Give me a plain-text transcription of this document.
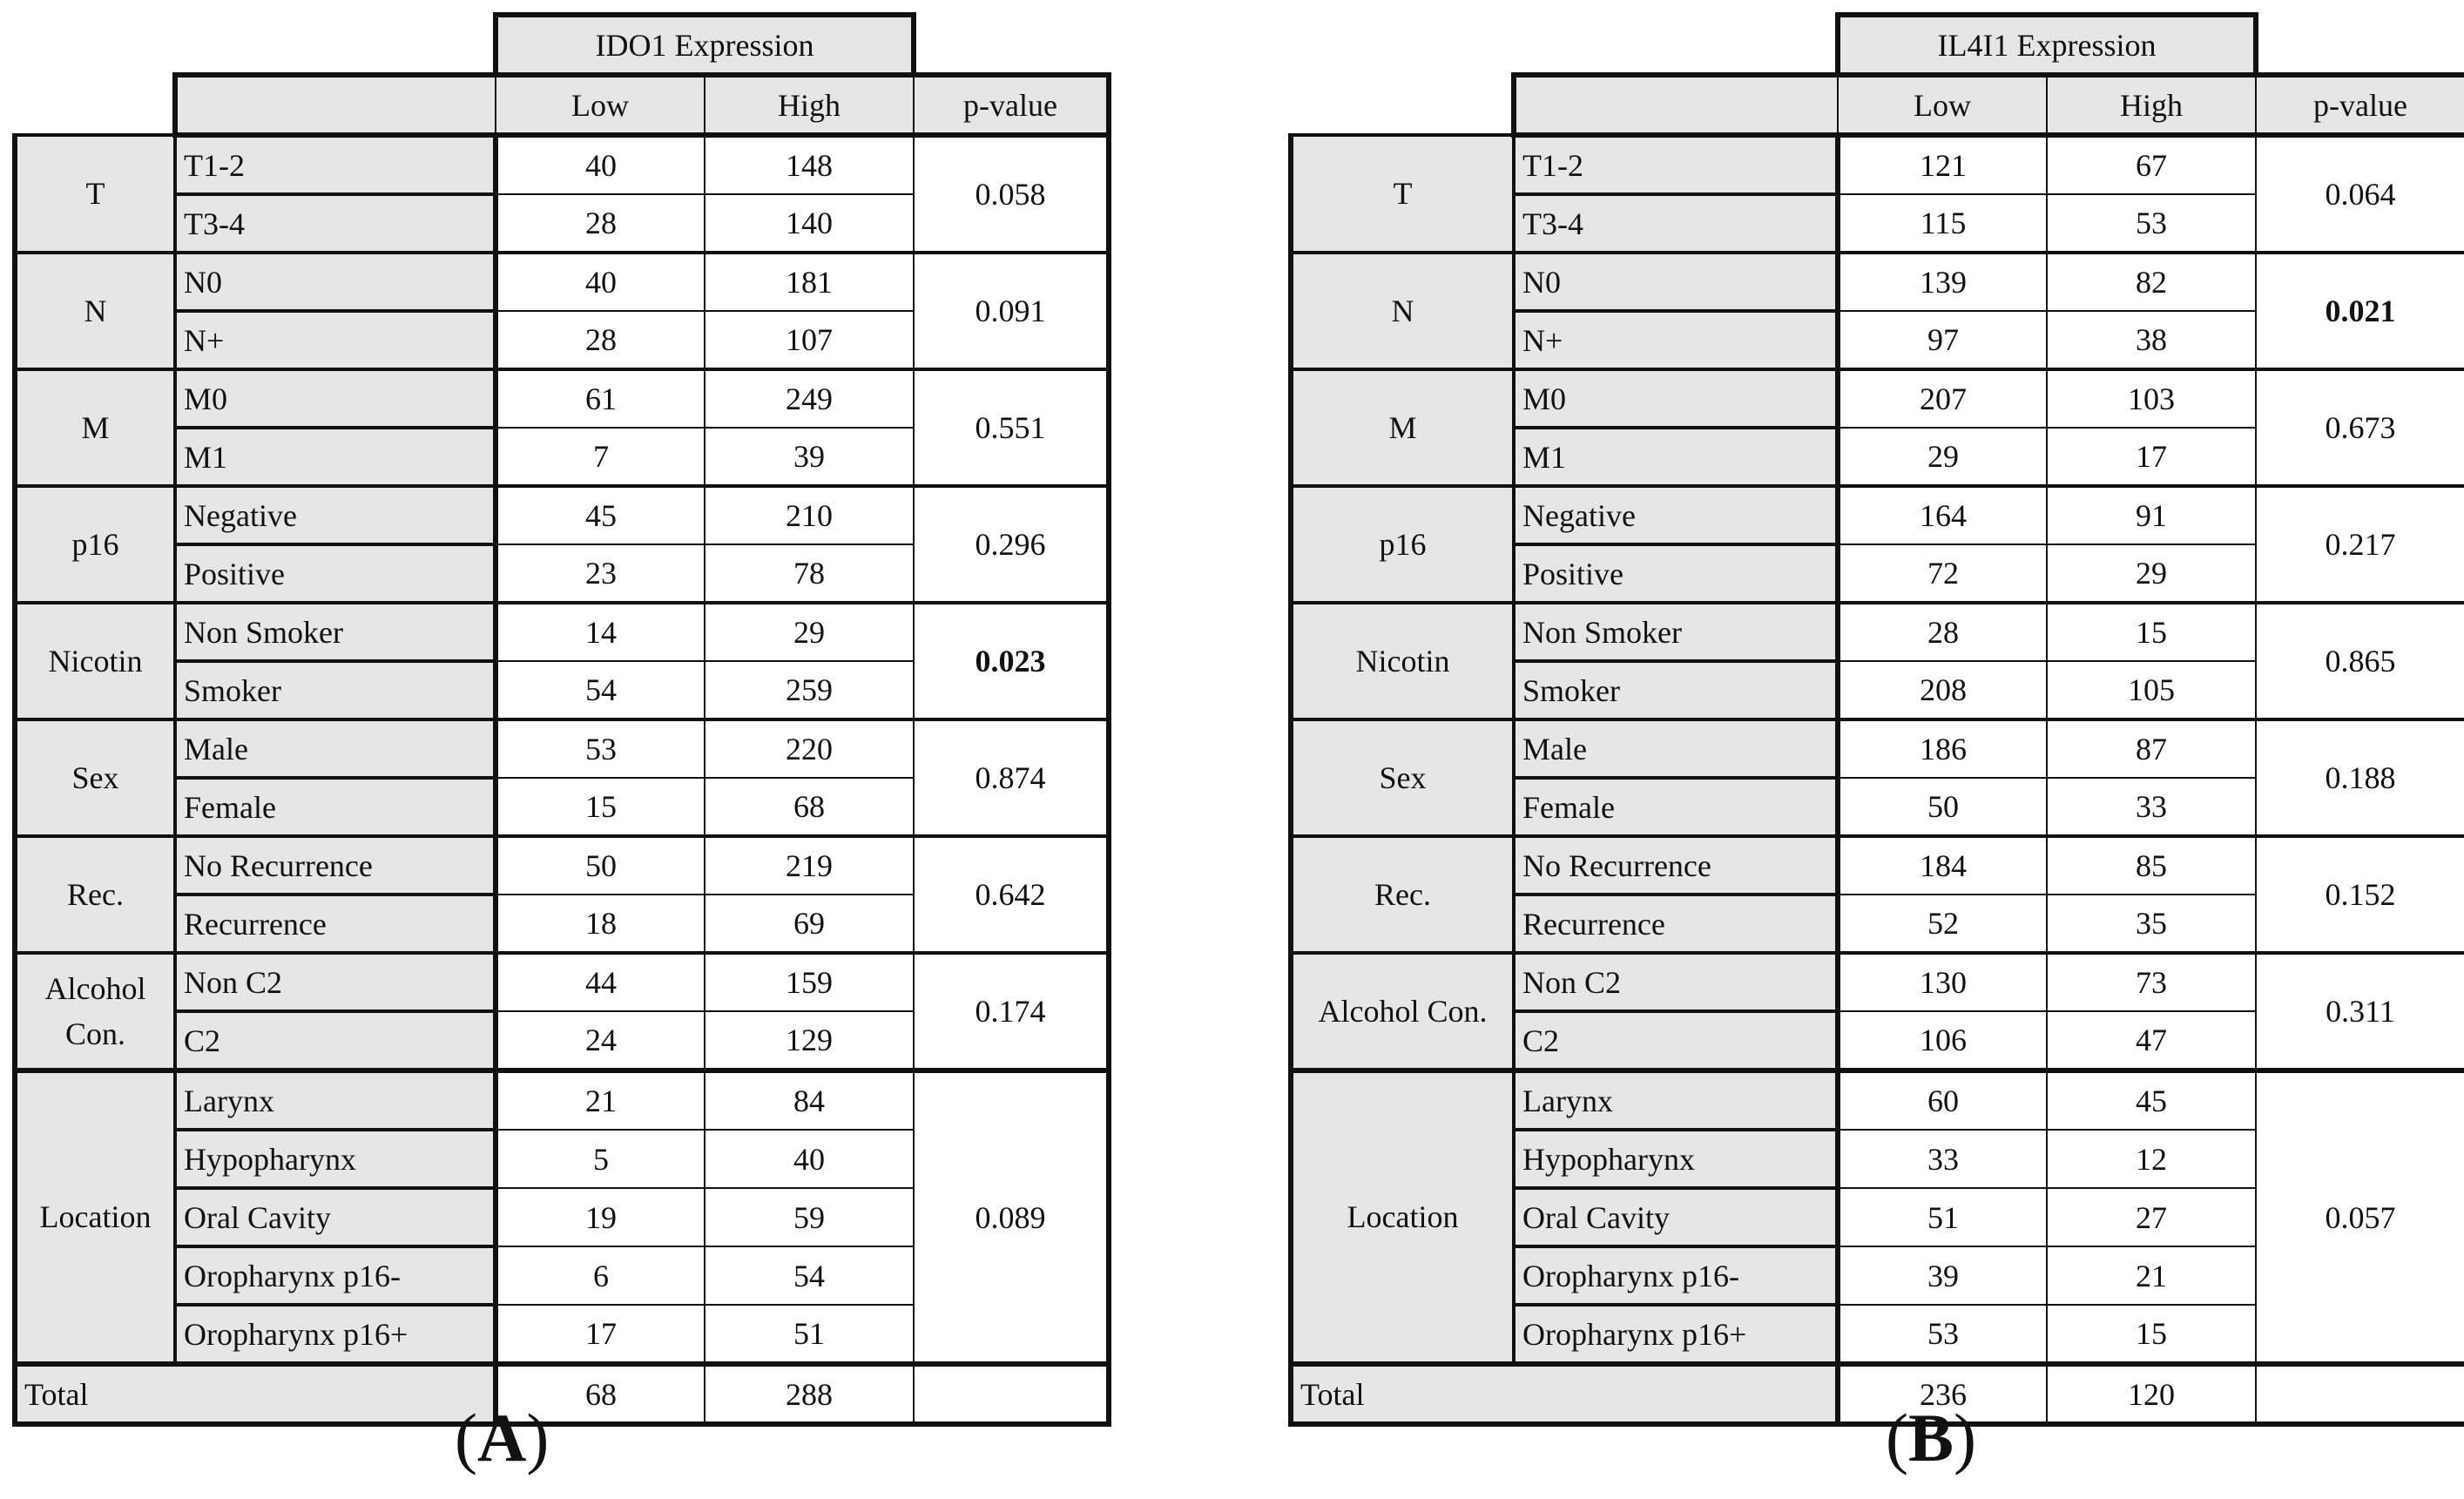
		IDO1 Expression		
		Low	High	p-value
T	T1-2	40	148	0.058
	T3-4	28	140	
N	N0	40	181	0.091
	N+	28	107	
M	M0	61	249	0.551
	M1	7	39	
p16	Negative	45	210	0.296
	Positive	23	78	
Nicotin	Non Smoker	14	29	0.023
	Smoker	54	259	
Sex	Male	53	220	0.874
	Female	15	68	
Rec.	No Recurrence	50	219	0.642
	Recurrence	18	69	
Alcohol Con.	Non C2	44	159	0.174
	C2	24	129	
Location	Larynx	21	84	0.089
	Hypopharynx	5	40	
	Oral Cavity	19	59	
	Oropharynx p16-	6	54	
	Oropharynx p16+	17	51	
Total		68	288	
(A)
		IL4I1 Expression		
		Low	High	p-value
T	T1-2	121	67	0.064
	T3-4	115	53	
N	N0	139	82	0.021
	N+	97	38	
M	M0	207	103	0.673
	M1	29	17	
p16	Negative	164	91	0.217
	Positive	72	29	
Nicotin	Non Smoker	28	15	0.865
	Smoker	208	105	
Sex	Male	186	87	0.188
	Female	50	33	
Rec.	No Recurrence	184	85	0.152
	Recurrence	52	35	
Alcohol Con.	Non C2	130	73	0.311
	C2	106	47	
Location	Larynx	60	45	0.057
	Hypopharynx	33	12	
	Oral Cavity	51	27	
	Oropharynx p16-	39	21	
	Oropharynx p16+	53	15	
Total		236	120	
(B)
